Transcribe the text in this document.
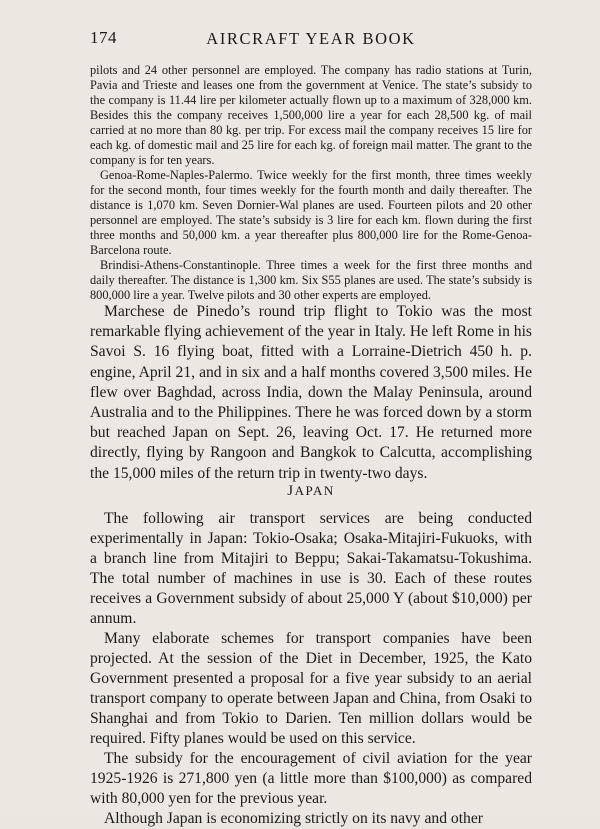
174	AIRCRAFT YEAR BOOK

pilots and 24 other personnel are employed. The company has radio stations at Turin, Pavia and Trieste and leases one from the government at Venice. The state’s subsidy to the company is 11.44 lire per kilometer actually flown up to a maximum of 328,000 km. Besides this the company receives 1,500,000 lire a year for each 28,500 kg. of mail carried at no more than 80 kg. per trip. For excess mail the company receives 15 lire for each kg. of domestic mail and 25 lire for each kg. of foreign mail matter. The grant to the company is for ten years.

Genoa-Rome-Naples-Palermo. Twice weekly for the first month, three times weekly for the second month, four times weekly for the fourth month and daily thereafter. The distance is 1,070 km. Seven Dornier-Wal planes are used. Fourteen pilots and 20 other personnel are employed. The state’s subsidy is 3 lire for each km. flown during the first three months and 50,000 km. a year thereafter plus 800,000 lire for the Rome-Genoa-Barcelona route.

Brindisi-Athens-Constantinople. Three times a week for the first three months and daily thereafter. The distance is 1,300 km. Six S55 planes are used. The state’s subsidy is 800,000 lire a year. Twelve pilots and 30 other experts are employed.

Marchese de Pinedo’s round trip flight to Tokio was the most remarkable flying achievement of the year in Italy. He left Rome in his Savoi S. 16 flying boat, fitted with a Lorraine-Dietrich 450 h. p. engine, April 21, and in six and a half months covered 3,500 miles. He flew over Baghdad, across India, down the Malay Peninsula, around Australia and to the Philippines. There he was forced down by a storm but reached Japan on Sept. 26, leaving Oct. 17. He returned more directly, flying by Rangoon and Bangkok to Calcutta, accomplishing the 15,000 miles of the return trip in twenty-two days.

JAPAN

The following air transport services are being conducted experimentally in Japan: Tokio-Osaka; Osaka-Mitajiri-Fukuoks, with a branch line from Mitajiri to Beppu; Sakai-Takamatsu-Tokushima. The total number of machines in use is 30. Each of these routes receives a Government subsidy of about 25,000 Y (about $10,000) per annum.

Many elaborate schemes for transport companies have been projected. At the session of the Diet in December, 1925, the Kato Government presented a proposal for a five year subsidy to an aerial transport company to operate between Japan and China, from Osaki to Shanghai and from Tokio to Darien. Ten million dollars would be required. Fifty planes would be used on this service.

The subsidy for the encouragement of civil aviation for the year 1925-1926 is 271,800 yen (a little more than $100,000) as compared with 80,000 yen for the previous year.

Although Japan is economizing strictly on its navy and other
